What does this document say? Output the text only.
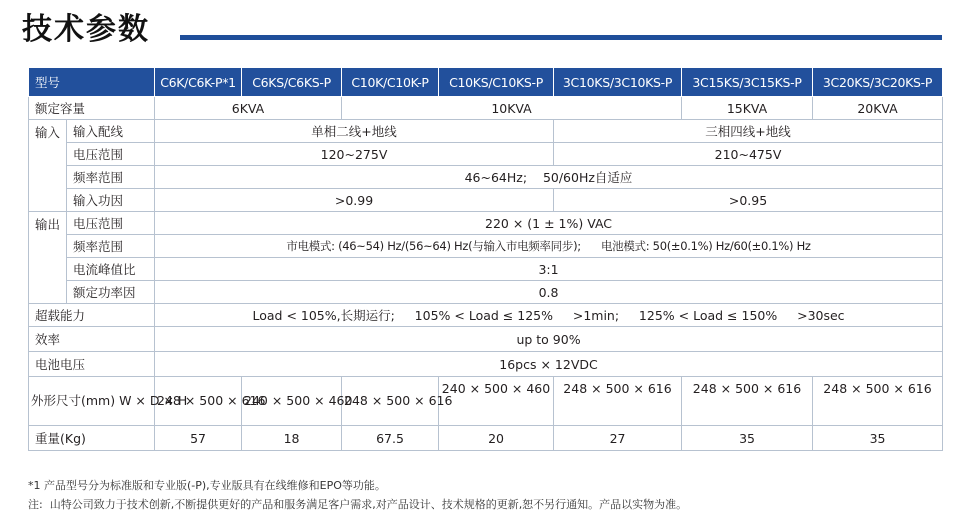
技术参数
型号		C6K/C6K-P*1	C6KS/C6KS-P	C10K/C10K-P	C10KS/C10KS-P	3C10KS/3C10KS-P	3C15KS/3C15KS-P	3C20KS/3C20KS-P
额定容量		6KVA		10KVA			15KVA	20KVA
输入	输入配线	单相二线+地线				三相四线+地线		
	电压范围	120~275V				210~475V		
	频率范围	46~64Hz;    50/60Hz自适应						
	输入功因	>0.99				>0.95		
输出	电压范围	220 × (1 ± 1%) VAC						
	频率范围	市电模式: (46~54) Hz/(56~64) Hz(与输入市电频率同步);      电池模式: 50(±0.1%) Hz/60(±0.1%) Hz						
	电流峰值比	3:1						
	额定功率因	0.8						
超载能力		Load < 105%,长期运行;     105% < Load ≤ 125%     >1min;     125% < Load ≤ 150%     >30sec						
效率		up to 90%						
电池电压		16pcs × 12VDC						
外形尺寸(mm) W × D × H		248 × 500 × 616	240 × 500 × 460	248 × 500 × 616	240 × 500 × 460	248 × 500 × 616	248 × 500 × 616	248 × 500 × 616
重量(Kg)		57	18	67.5	20	27	35	35
*1 产品型号分为标准版和专业版(-P),专业版具有在线维修和EPO等功能。
注:  山特公司致力于技术创新,不断提供更好的产品和服务满足客户需求,对产品设计、技术规格的更新,恕不另行通知。产品以实物为准。
